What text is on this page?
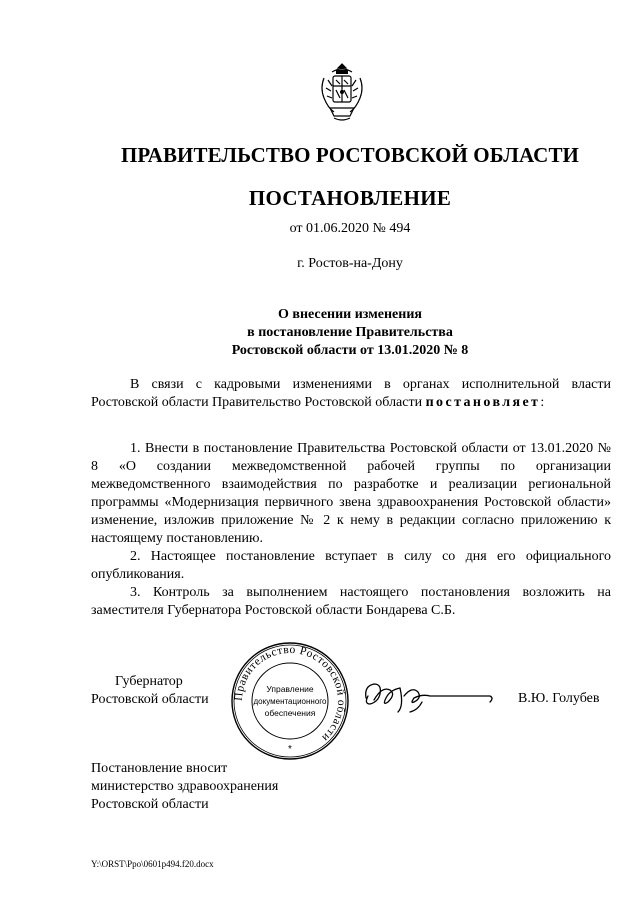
ПРАВИТЕЛЬСТВО РОСТОВСКОЙ ОБЛАСТИ
ПОСТАНОВЛЕНИЕ
от 01.06.2020 № 494
г. Ростов-на-Дону
О внесении изменения
в постановление Правительства
Ростовской области от 13.01.2020 № 8

В связи с кадровыми изменениями в органах исполнительной власти Ростовской области Правительство Ростовской области постановляет:

1. Внести в постановление Правительства Ростовской области от 13.01.2020 № 8 «О создании межведомственной рабочей группы по организации межведомственного взаимодействия по разработке и реализации региональной программы «Модернизация первичного звена здравоохранения Ростовской области» изменение, изложив приложение № 2 к нему в редакции согласно приложению к настоящему постановлению.

2. Настоящее постановление вступает в силу со дня его официального опубликования.

3. Контроль за выполнением настоящего постановления возложить на заместителя Губернатора Ростовской области Бондарева С.Б.

Губернатор
Ростовской области Правительство Ростовской области
Управление
документационного
обеспечения
*
В.Ю. Голубев
Постановление вносит
министерство здравоохранения
Ростовской области
Y:\ORST\Ppo\0601p494.f20.docx
